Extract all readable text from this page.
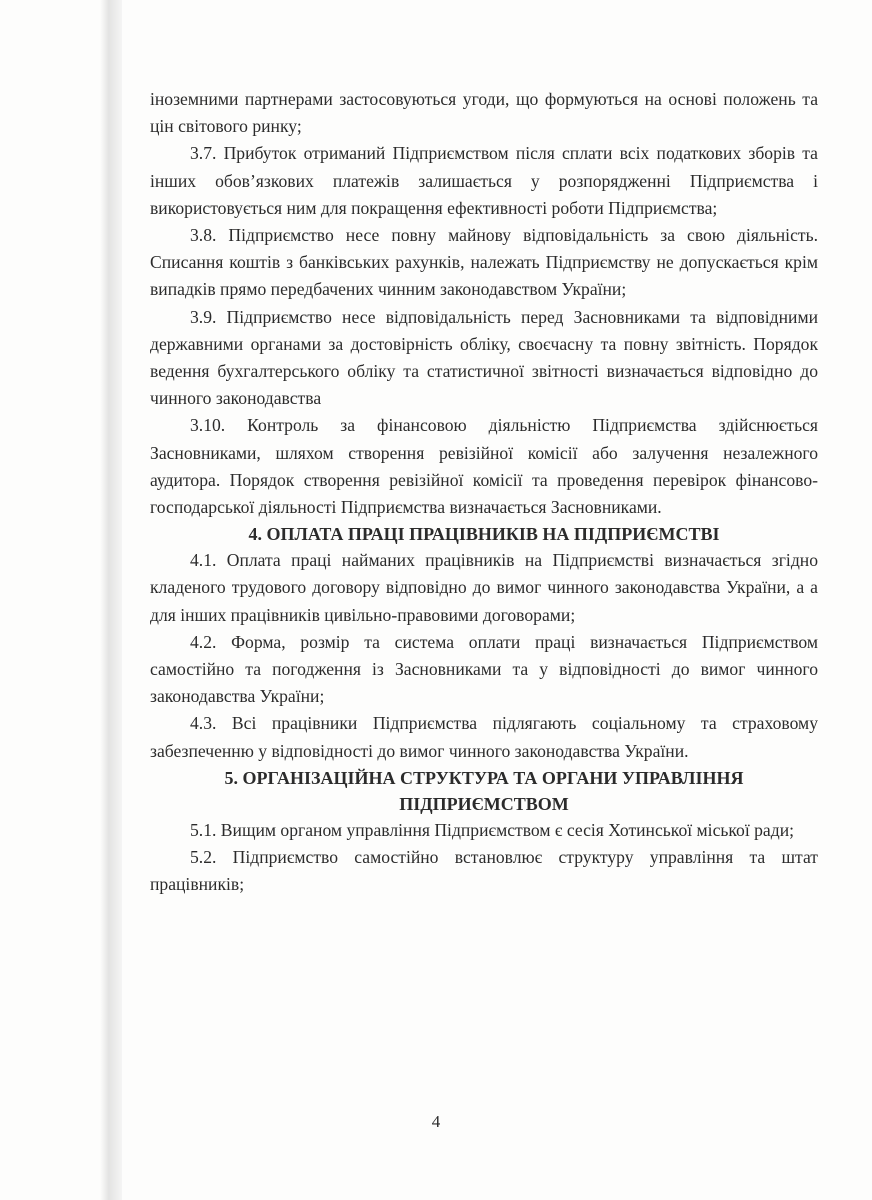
іноземними партнерами застосовуються угоди, що формуються на основі положень та цін світового ринку;

3.7. Прибуток отриманий Підприємством після сплати всіх податкових зборів та інших обов’язкових платежів залишається у розпорядженні Підприємства і використовується ним для покращення ефективності роботи Підприємства;

3.8. Підприємство несе повну майнову відповідальність за свою діяльність. Списання коштів з банківських рахунків, належать Підприємству не допускається крім випадків прямо передбачених чинним законодавством України;

3.9. Підприємство несе відповідальність перед Засновниками та відповідними державними органами за достовірність обліку, своєчасну та повну звітність. Порядок ведення бухгалтерського обліку та статистичної звітності визначається відповідно до чинного законодавства

3.10. Контроль за фінансовою діяльністю Підприємства здійснюється Засновниками, шляхом створення ревізійної комісії або залучення незалежного аудитора. Порядок створення ревізійної комісії та проведення перевірок фінансово-господарської діяльності Підприємства визначається Засновниками.

4. ОПЛАТА ПРАЦІ ПРАЦІВНИКІВ НА ПІДПРИЄМСТВІ

4.1. Оплата праці найманих працівників на Підприємстві визначається згідно кладеного трудового договору відповідно до вимог чинного законодавства України, а а для інших працівників цивільно-правовими договорами;

4.2. Форма, розмір та система оплати праці визначається Підприємством самостійно та погодження із Засновниками та у відповідності до вимог чинного законодавства України;

4.3. Всі працівники Підприємства підлягають соціальному та страховому забезпеченню у відповідності до вимог чинного законодавства України.

5. ОРГАНІЗАЦІЙНА СТРУКТУРА ТА ОРГАНИ УПРАВЛІННЯ
ПІДПРИЄМСТВОМ

5.1. Вищим органом управління Підприємством є сесія Хотинської міської ради;

5.2. Підприємство самостійно встановлює структуру управління та штат працівників;

4
